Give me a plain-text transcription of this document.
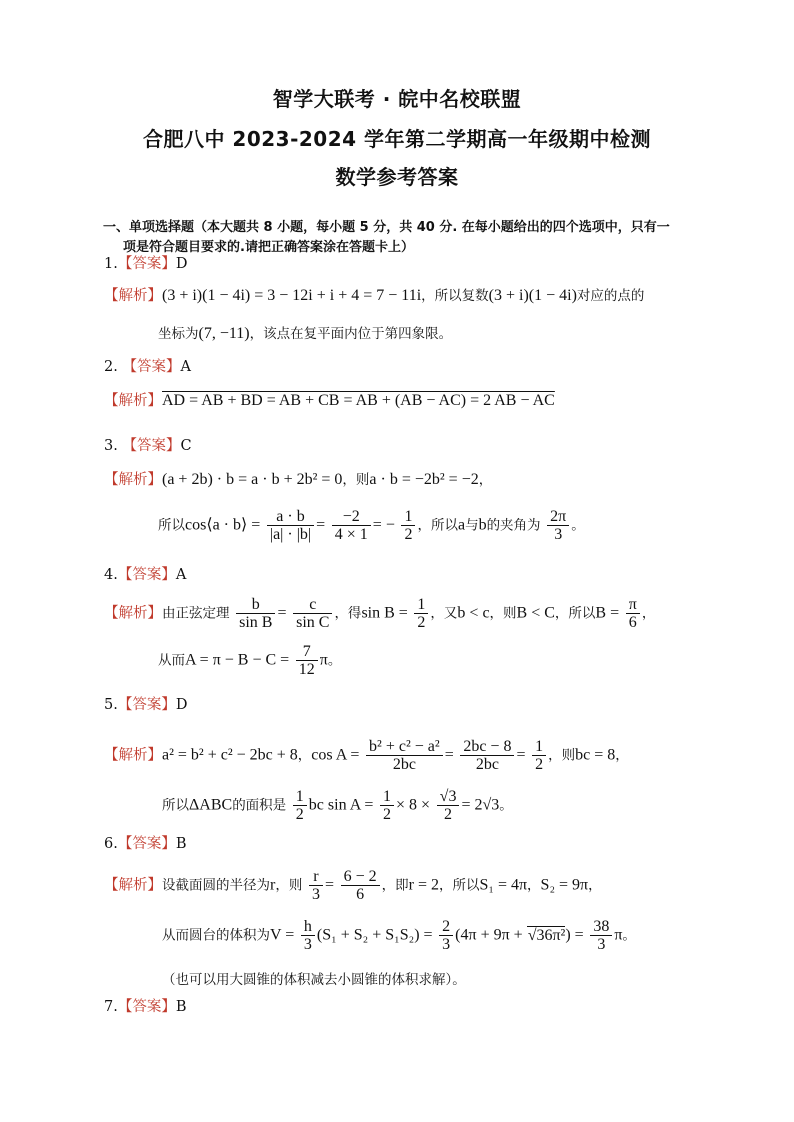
智学大联考 · 皖中名校联盟
合肥八中 2023-2024 学年第二学期高一年级期中检测
数学参考答案
一、单项选择题（本大题共 8 小题，每小题 5 分，共 40 分. 在每小题给出的四个选项中，只有一
项是符合题目要求的.请把正确答案涂在答题卡上）
1.【答案】D
【解析】(3 + i)(1 − 4i) = 3 − 12i + i + 4 = 7 − 11i，所以复数(3 + i)(1 − 4i)对应的点的
坐标为(7, −11)，该点在复平面内位于第四象限。
2. 【答案】A
【解析】AD = AB + BD = AB + CB = AB + (AB − AC) = 2 AB − AC
3. 【答案】C
【解析】(a + 2b) · b = a · b + 2b² = 0，则a · b = −2b² = −2，
所以cos⟨a · b⟩ = $\frac{a \cdot b}{|a| \cdot |b|} = \frac{-2}{4 \times 1}$ = − $\frac{1}{2}$ ，所以a与b的夹角为 $\frac{2\pi}{3}$ 。
4.【答案】A
【解析】由正弦定理 $\frac{b}{\text{sin B}} = \frac{c}{\text{sin C}}$ ，得$\sin B = \frac{1}{2}$ ，又b < c，则B < C，所以$B = \frac{\pi}{6}$ ，
从而$A = \pi - B - C = \frac{7}{12}$ π。
5.【答案】D
【解析】a² = b² + c² − 2bc + 8，$\cos A = \frac{\text{b² + c² − a²}}{2bc} = \frac{2bc - 8}{2bc} = \frac{1}{2}$ ，则bc = 8，
所以ΔABC的面积是 $\frac{1}{2}$ bc $\sin A = \frac{1}{2} \times 8 \times \frac{√3}{2} = 2√3$。
6.【答案】B
【解析】设截面圆的半径为r，则 $\frac{r}{3} = \frac{6 - 2}{6}$ ，即r = 2，所以S₁ = 4π，S₂ = 9π，
从而圆台的体积为$V = \frac{h}{3} (S_1 + S_2 + S_1S_2) = \frac{2}{3} (4\pi + 9\pi + √36\pi^2) = \frac{38}{3}$ π。
（也可以用大圆锥的体积减去小圆锥的体积求解）。
7.【答案】B
